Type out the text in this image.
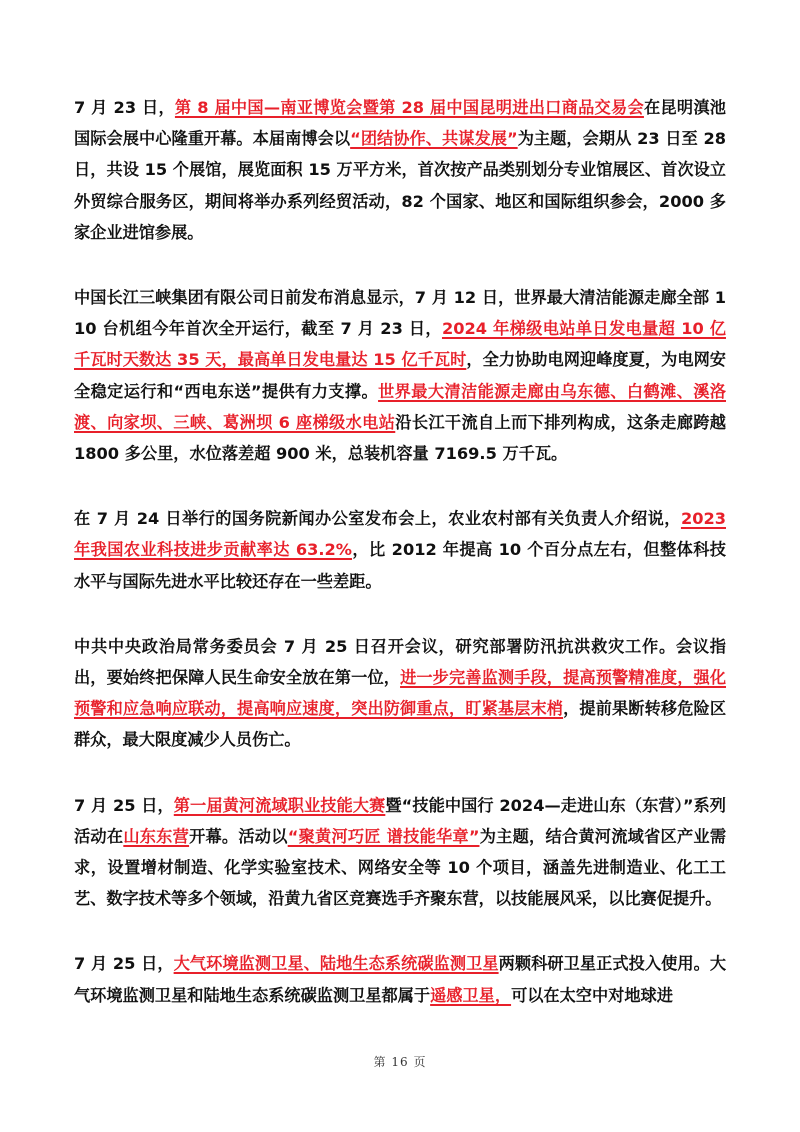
7 月 23 日，第 8 届中国—南亚博览会暨第 28 届中国昆明进出口商品交易会在昆明滇池国际会展中心隆重开幕。本届南博会以“团结协作、共谋发展”为主题，会期从 23 日至 28 日，共设 15 个展馆，展览面积 15 万平方米，首次按产品类别划分专业馆展区、首次设立外贸综合服务区，期间将举办系列经贸活动，82 个国家、地区和国际组织参会，2000 多家企业进馆参展。

中国长江三峡集团有限公司日前发布消息显示，7 月 12 日，世界最大清洁能源走廊全部 110 台机组今年首次全开运行，截至 7 月 23 日，2024 年梯级电站单日发电量超 10 亿千瓦时天数达 35 天，最高单日发电量达 15 亿千瓦时，全力协助电网迎峰度夏，为电网安全稳定运行和“西电东送”提供有力支撑。世界最大清洁能源走廊由乌东德、白鹤滩、溪洛渡、向家坝、三峡、葛洲坝 6 座梯级水电站沿长江干流自上而下排列构成，这条走廊跨越 1800 多公里，水位落差超 900 米，总装机容量 7169.5 万千瓦。

在 7 月 24 日举行的国务院新闻办公室发布会上，农业农村部有关负责人介绍说，2023 年我国农业科技进步贡献率达 63.2%，比 2012 年提高 10 个百分点左右，但整体科技水平与国际先进水平比较还存在一些差距。

中共中央政治局常务委员会 7 月 25 日召开会议，研究部署防汛抗洪救灾工作。会议指出，要始终把保障人民生命安全放在第一位，进一步完善监测手段，提高预警精准度，强化预警和应急响应联动，提高响应速度，突出防御重点，盯紧基层末梢，提前果断转移危险区群众，最大限度减少人员伤亡。

7 月 25 日，第一届黄河流域职业技能大赛暨“技能中国行 2024—走进山东（东营）”系列活动在山东东营开幕。活动以“聚黄河巧匠 谱技能华章”为主题，结合黄河流域省区产业需求，设置增材制造、化学实验室技术、网络安全等 10 个项目，涵盖先进制造业、化工工艺、数字技术等多个领域，沿黄九省区竞赛选手齐聚东营，以技能展风采，以比赛促提升。

7 月 25 日，大气环境监测卫星、陆地生态系统碳监测卫星两颗科研卫星正式投入使用。大气环境监测卫星和陆地生态系统碳监测卫星都属于遥感卫星，可以在太空中对地球进

第 16 页
